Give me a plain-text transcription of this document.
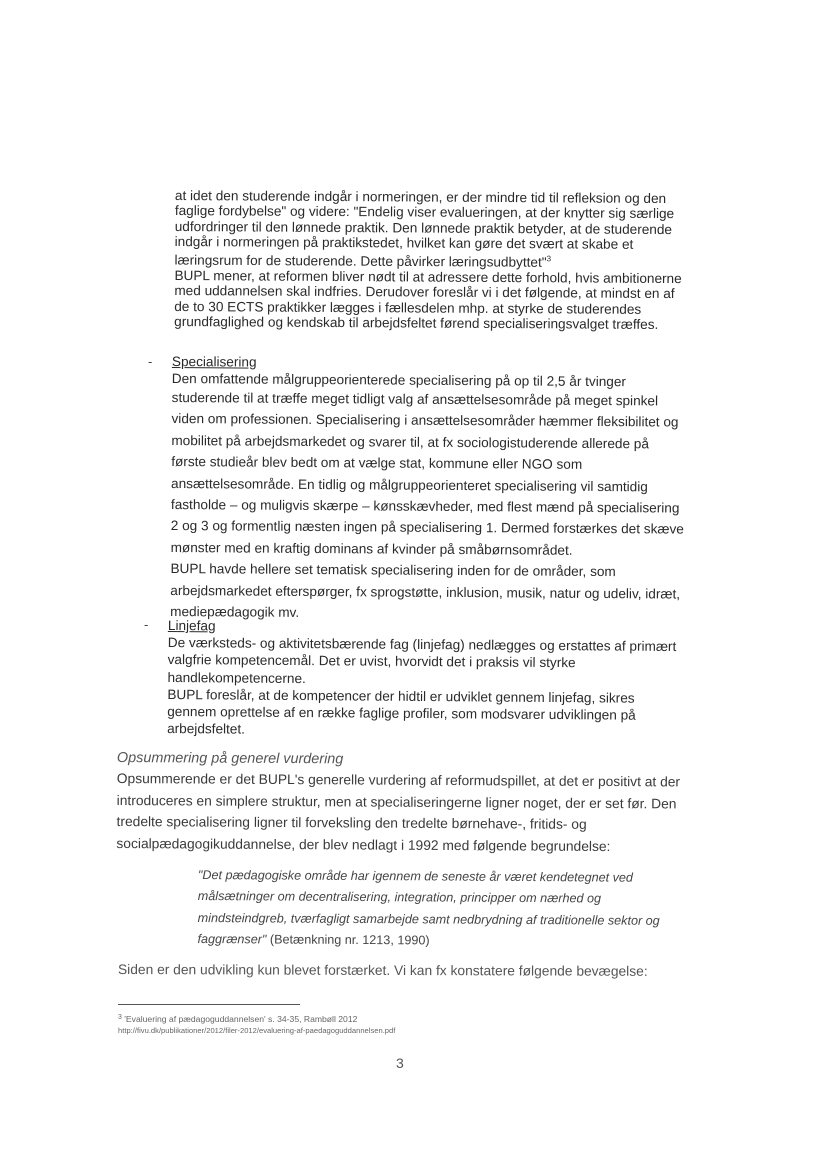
at idet den studerende indgår i normeringen, er der mindre tid til refleksion og den

faglige fordybelse" og videre: "Endelig viser evalueringen, at der knytter sig særlige

udfordringer til den lønnede praktik. Den lønnede praktik betyder, at de studerende

indgår i normeringen på praktikstedet, hvilket kan gøre det svært at skabe et

læringsrum for de studerende. Dette påvirker læringsudbyttet"$^3$

BUPL mener, at reformen bliver nødt til at adressere dette forhold, hvis ambitionerne

med uddannelsen skal indfries. Derudover foreslår vi i det følgende, at mindst en af

de to 30 ECTS praktikker lægges i fællesdelen mhp. at styrke de studerendes

grundfaglighed og kendskab til arbejdsfeltet førend specialiseringsvalget træffes.

- Specialisering

Den omfattende målgruppeorienterede specialisering på op til 2,5 år tvinger

studerende til at træffe meget tidligt valg af ansættelsesområde på meget spinkel

viden om professionen. Specialisering i ansættelsesområder hæmmer fleksibilitet og

mobilitet på arbejdsmarkedet og svarer til, at fx sociologistuderende allerede på

første studieår blev bedt om at vælge stat, kommune eller NGO som

ansættelsesområde. En tidlig og målgruppeorienteret specialisering vil samtidig

fastholde – og muligvis skærpe – kønsskævheder, med flest mænd på specialisering

2 og 3 og formentlig næsten ingen på specialisering 1. Dermed forstærkes det skæve

mønster med en kraftig dominans af kvinder på småbørnsområdet.

BUPL havde hellere set tematisk specialisering inden for de områder, som

arbejdsmarkedet efterspørger, fx sprogstøtte, inklusion, musik, natur og udeliv, idræt,

mediepædagogik mv.

- Linjefag

De værksteds- og aktivitetsbærende fag (linjefag) nedlægges og erstattes af primært

valgfrie kompetencemål. Det er uvist, hvorvidt det i praksis vil styrke

handlekompetencerne.

BUPL foreslår, at de kompetencer der hidtil er udviklet gennem linjefag, sikres

gennem oprettelse af en række faglige profiler, som modsvarer udviklingen på

arbejdsfeltet.

Opsummering på generel vurdering

Opsummerende er det BUPL's generelle vurdering af reformudspillet, at det er positivt at der

introduceres en simplere struktur, men at specialiseringerne ligner noget, der er set før. Den

tredelte specialisering ligner til forveksling den tredelte børnehave-, fritids- og

socialpædagogikuddannelse, der blev nedlagt i 1992 med følgende begrundelse:

"Det pædagogiske område har igennem de seneste år været kendetegnet ved

målsætninger om decentralisering, integration, principper om nærhed og

mindsteindgreb, tværfagligt samarbejde samt nedbrydning af traditionelle sektor og

faggrænser" (Betænkning nr. 1213, 1990)

Siden er den udvikling kun blevet forstærket. Vi kan fx konstatere følgende bevægelse:

$^3$ 'Evaluering af pædagoguddannelsen' s. 34-35, Rambøll 2012
http://fivu.dk/publikationer/2012/filer-2012/evaluering-af-paedagoguddannelsen.pdf
3
